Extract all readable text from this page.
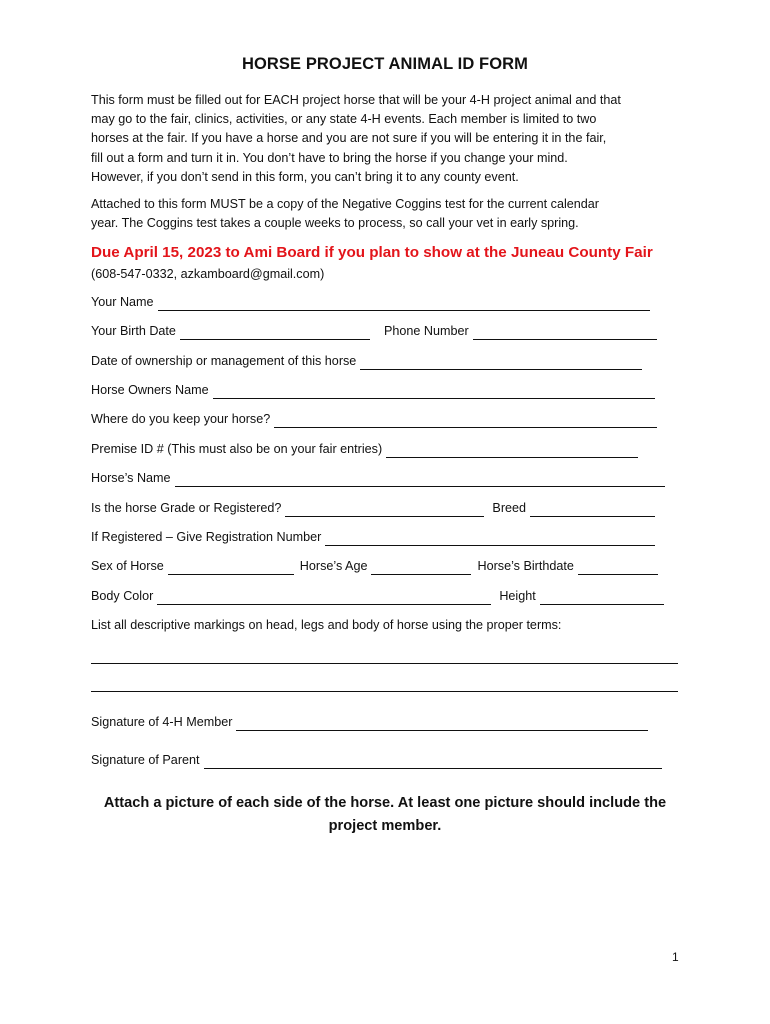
HORSE PROJECT ANIMAL ID FORM

This form must be filled out for EACH project horse that will be your 4-H project animal and that
may go to the fair, clinics, activities, or any state 4-H events. Each member is limited to two
horses at the fair. If you have a horse and you are not sure if you will be entering it in the fair,
fill out a form and turn it in. You don’t have to bring the horse if you change your mind.
However, if you don’t send in this form, you can’t bring it to any county event.

Attached to this form MUST be a copy of the Negative Coggins test for the current calendar
year. The Coggins test takes a couple weeks to process, so call your vet in early spring.

Due April 15, 2023 to Ami Board if you plan to show at the Juneau County Fair
(608-547-0332, azkamboard@gmail.com)
Your Name
Your Birth Date	Phone Number
Date of ownership or management of this horse
Horse Owners Name
Where do you keep your horse?
Premise ID # (This must also be on your fair entries)
Horse’s Name
Is the horse Grade or Registered?	Breed
If Registered – Give Registration Number
Sex of Horse	Horse’s Age	Horse’s Birthdate
Body Color	Height
List all descriptive markings on head, legs and body of horse using the proper terms:
Signature of 4-H Member
Signature of Parent
Attach a picture of each side of the horse. At least one picture should include the project member.
1
